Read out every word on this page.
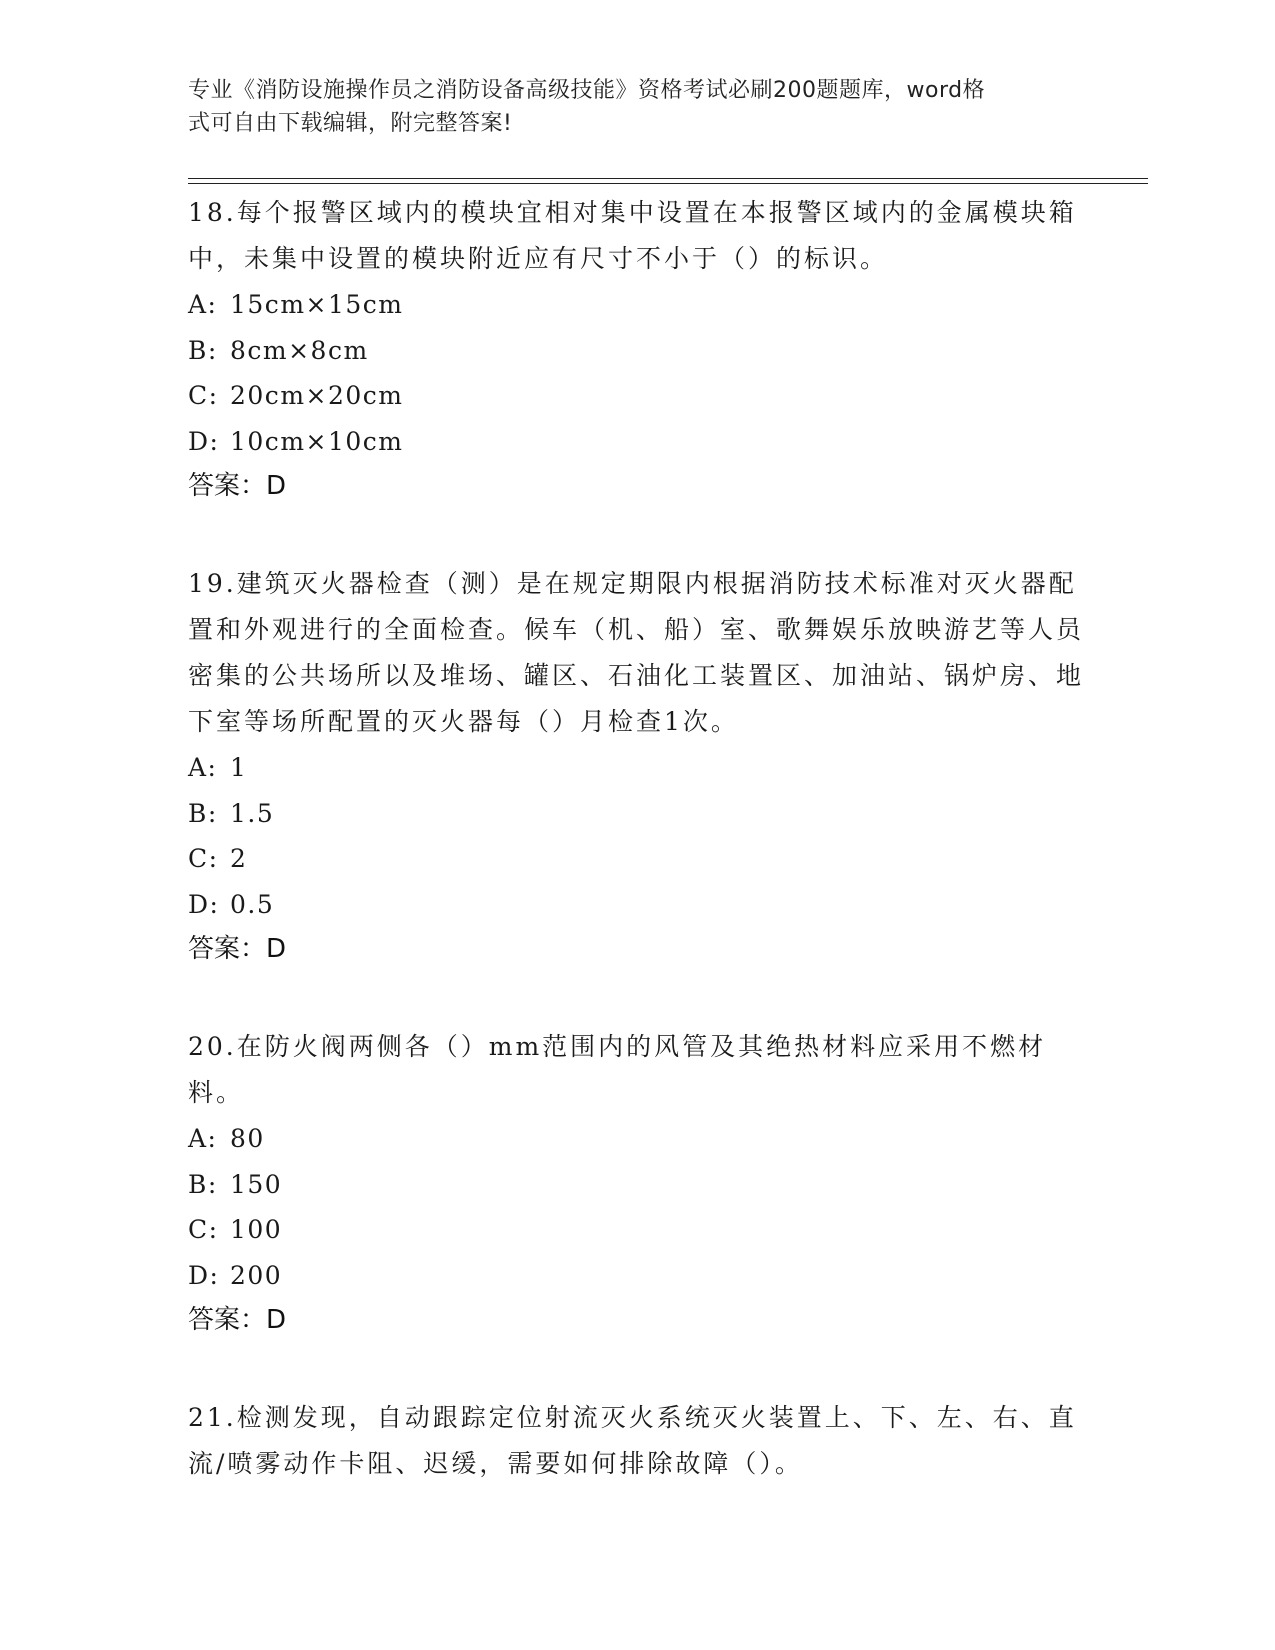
专业《消防设施操作员之消防设备高级技能》资格考试必刷200题题库，word格
式可自由下载编辑，附完整答案!
18.每个报警区域内的模块宜相对集中设置在本报警区域内的金属模块箱中，未集中设置的模块附近应有尺寸不小于（）的标识。
A: 15cm×15cm
B: 8cm×8cm
C: 20cm×20cm
D: 10cm×10cm
答案：D
19.建筑灭火器检查（测）是在规定期限内根据消防技术标准对灭火器配置和外观进行的全面检查。候车（机、船）室、歌舞娱乐放映游艺等人员密集的公共场所以及堆场、罐区、石油化工装置区、加油站、锅炉房、地下室等场所配置的灭火器每（）月检查1次。
A: 1
B: 1.5
C: 2
D: 0.5
答案：D
20.在防火阀两侧各（）mm范围内的风管及其绝热材料应采用不燃材料。
A: 80
B: 150
C: 100
D: 200
答案：D
21.检测发现，自动跟踪定位射流灭火系统灭火装置上、下、左、右、直流/喷雾动作卡阻、迟缓，需要如何排除故障（）。
